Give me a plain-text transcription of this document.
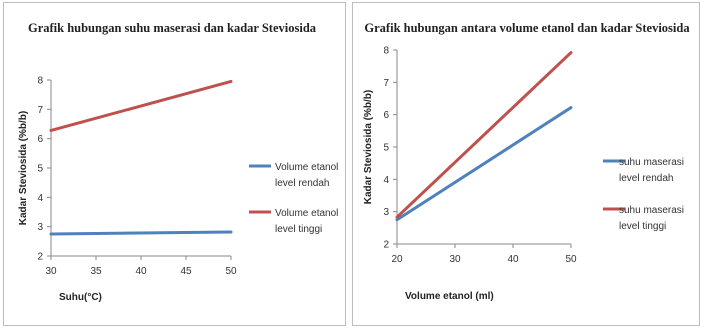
Grafik hubungan suhu maserasi dan kadar Steviosida
2
3
4
5
6
7
8
30	35	40	45	50
Suhu(°C)
Kadar Steviosida (%b/b)	Volume etanol
level rendah
Volume etanol
level tinggi
Grafik hubungan antara volume etanol dan kadar Steviosida
2
3
4
5
6
7
8
20	30	40	50
Volume etanol (ml)
Kadar Steviosida (%b/b)	suhu maserasi
level rendah
suhu maserasi
level tinggi
